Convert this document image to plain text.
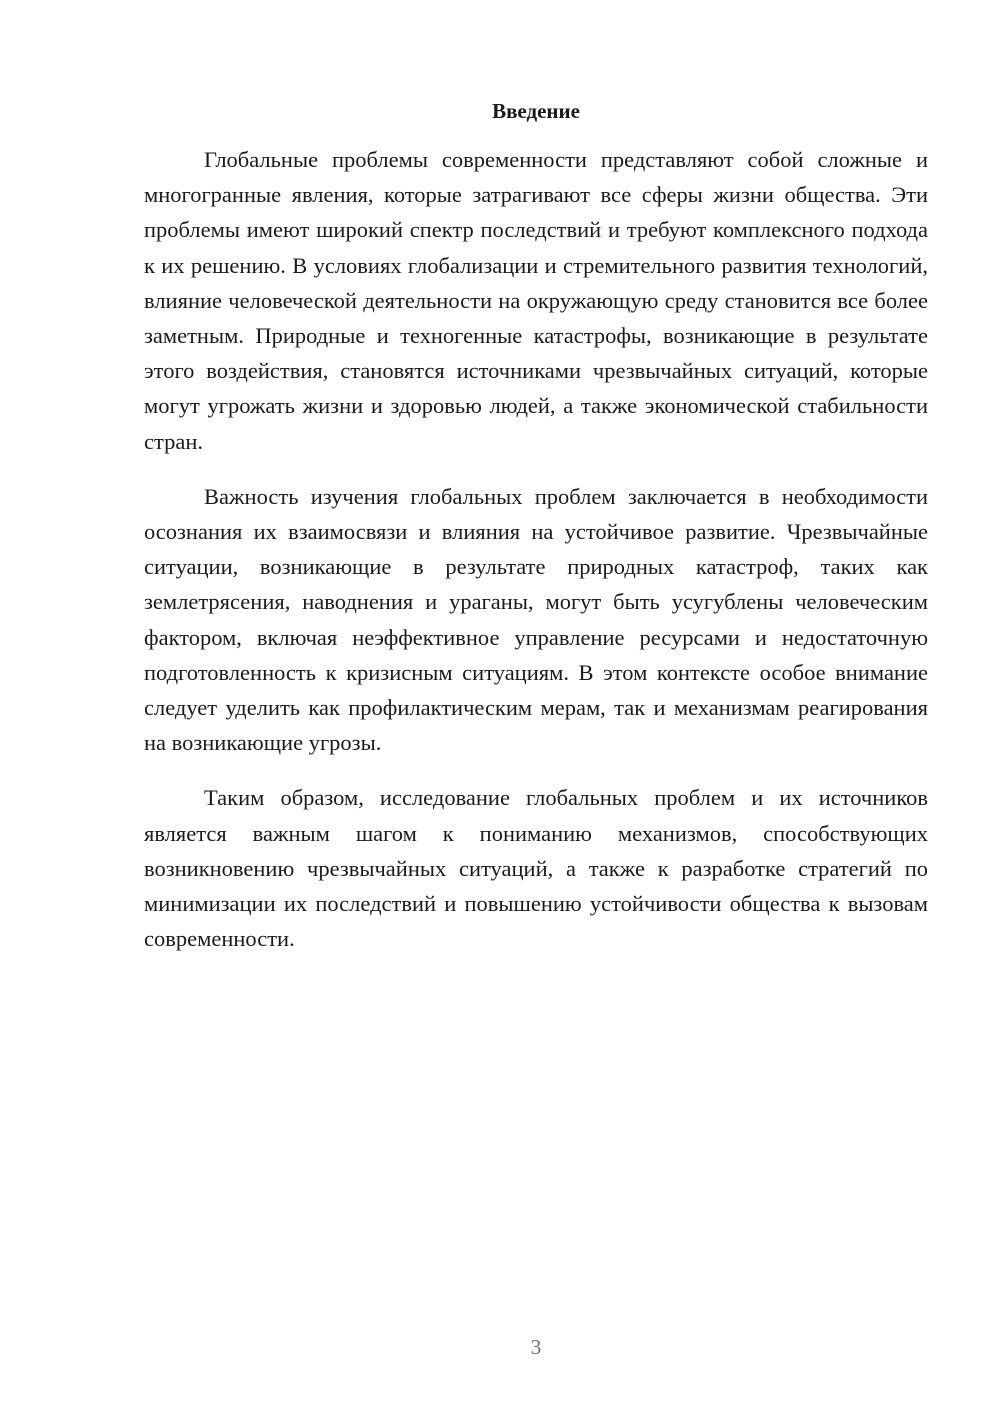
Введение

Глобальные проблемы современности представляют собой сложные и многогранные явления, которые затрагивают все сферы жизни общества. Эти проблемы имеют широкий спектр последствий и требуют комплексного подхода к их решению. В условиях глобализации и стремительного развития технологий, влияние человеческой деятельности на окружающую среду становится все более заметным. Природные и техногенные катастрофы, возникающие в результате этого воздействия, становятся источниками чрезвычайных ситуаций, которые могут угрожать жизни и здоровью людей, а также экономической стабильности стран.

Важность изучения глобальных проблем заключается в необходимости осознания их взаимосвязи и влияния на устойчивое развитие. Чрезвычайные ситуации, возникающие в результате природных катастроф, таких как землетрясения, наводнения и ураганы, могут быть усугублены человеческим фактором, включая неэффективное управление ресурсами и недостаточную подготовленность к кризисным ситуациям. В этом контексте особое внимание следует уделить как профилактическим мерам, так и механизмам реагирования на возникающие угрозы.

Таким образом, исследование глобальных проблем и их источников является важным шагом к пониманию механизмов, способствующих возникновению чрезвычайных ситуаций, а также к разработке стратегий по минимизации их последствий и повышению устойчивости общества к вызовам современности.

3
